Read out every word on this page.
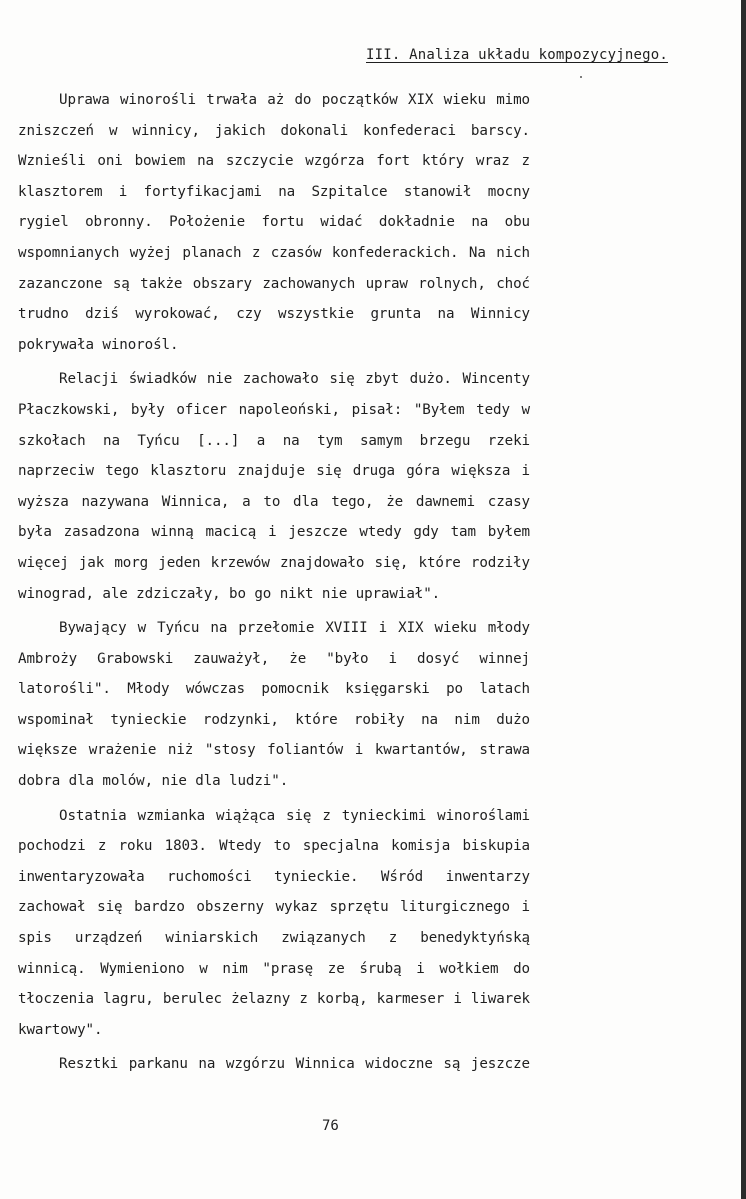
III. Analiza układu kompozycyjnego.
Uprawa winorośli trwała aż do początków XIX wieku mimo
zniszczeń w winnicy, jakich dokonali konfederaci barscy.
Wznieśli oni bowiem na szczycie wzgórza fort który wraz z
klasztorem i fortyfikacjami na Szpitalce stanowił mocny
rygiel obronny. Położenie fortu widać dokładnie na obu
wspomnianych wyżej planach z czasów konfederackich. Na nich
zazanczone są także obszary zachowanych upraw rolnych, choć
trudno dziś wyrokować, czy wszystkie grunta na Winnicy
pokrywała winorośl.
Relacji świadków nie zachowało się zbyt dużo. Wincenty
Płaczkowski, były oficer napoleoński, pisał: "Byłem tedy w
szkołach na Tyńcu [...] a na tym samym brzegu rzeki
naprzeciw tego klasztoru znajduje się druga góra większa i
wyższa nazywana Winnica, a to dla tego, że dawnemi czasy
była zasadzona winną macicą i jeszcze wtedy gdy tam byłem
więcej jak morg jeden krzewów znajdowało się, które rodziły
winograd, ale zdziczały, bo go nikt nie uprawiał".
Bywający w Tyńcu na przełomie XVIII i XIX wieku młody
Ambroży Grabowski zauważył, że "było i dosyć winnej
latorośli". Młody wówczas pomocnik księgarski po latach
wspominał tynieckie rodzynki, które robiły na nim dużo
większe wrażenie niż "stosy foliantów i kwartantów, strawa
dobra dla molów, nie dla ludzi".
Ostatnia wzmianka wiążąca się z tynieckimi winoroślami
pochodzi z roku 1803. Wtedy to specjalna komisja biskupia
inwentaryzowała ruchomości tynieckie. Wśród inwentarzy
zachował się bardzo obszerny wykaz sprzętu liturgicznego i
spis urządzeń winiarskich związanych z benedyktyńską
winnicą. Wymieniono w nim "prasę ze śrubą i wołkiem do
tłoczenia lagru, berulec żelazny z korbą, karmeser i liwarek
kwartowy".
Resztki parkanu na wzgórzu Winnica widoczne są jeszcze
76
